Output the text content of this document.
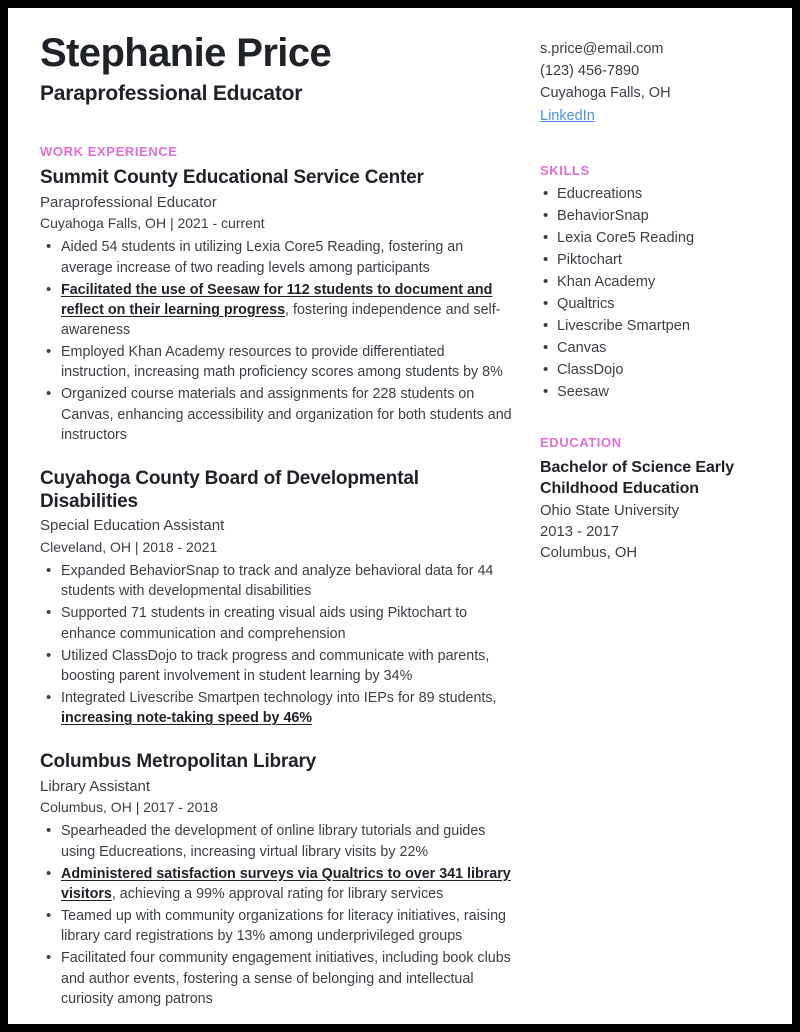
Stephanie Price
Paraprofessional Educator
WORK EXPERIENCE
Summit County Educational Service Center
Paraprofessional Educator
Cuyahoga Falls, OH | 2021 - current
• Aided 54 students in utilizing Lexia Core5 Reading, fostering an average increase of two reading levels among participants
• Facilitated the use of Seesaw for 112 students to document and reflect on their learning progress, fostering independence and self-awareness
• Employed Khan Academy resources to provide differentiated instruction, increasing math proficiency scores among students by 8%
• Organized course materials and assignments for 228 students on Canvas, enhancing accessibility and organization for both students and instructors
Cuyahoga County Board of Developmental Disabilities
Special Education Assistant
Cleveland, OH | 2018 - 2021
• Expanded BehaviorSnap to track and analyze behavioral data for 44 students with developmental disabilities
• Supported 71 students in creating visual aids using Piktochart to enhance communication and comprehension
• Utilized ClassDojo to track progress and communicate with parents, boosting parent involvement in student learning by 34%
• Integrated Livescribe Smartpen technology into IEPs for 89 students, increasing note-taking speed by 46%
Columbus Metropolitan Library
Library Assistant
Columbus, OH | 2017 - 2018
• Spearheaded the development of online library tutorials and guides using Educreations, increasing virtual library visits by 22%
• Administered satisfaction surveys via Qualtrics to over 341 library visitors, achieving a 99% approval rating for library services
• Teamed up with community organizations for literacy initiatives, raising library card registrations by 13% among underprivileged groups
• Facilitated four community engagement initiatives, including book clubs and author events, fostering a sense of belonging and intellectual curiosity among patrons
s.price@email.com
(123) 456-7890
Cuyahoga Falls, OH
LinkedIn
SKILLS
• Educreations
• BehaviorSnap
• Lexia Core5 Reading
• Piktochart
• Khan Academy
• Qualtrics
• Livescribe Smartpen
• Canvas
• ClassDojo
• Seesaw
EDUCATION
Bachelor of Science Early Childhood Education
Ohio State University
2013 - 2017
Columbus, OH
